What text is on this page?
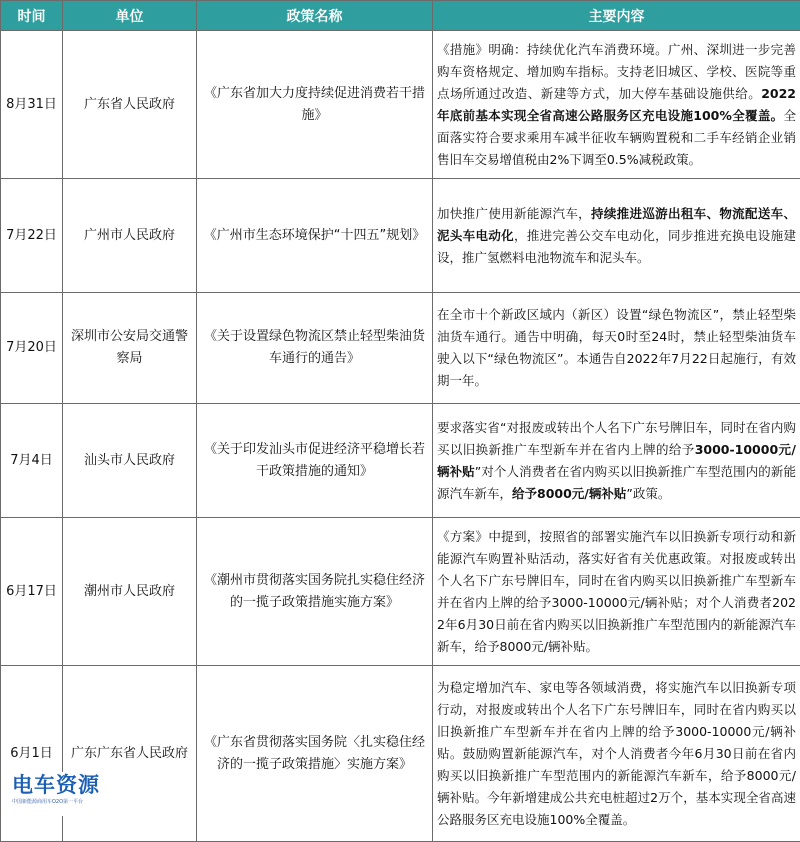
时间	单位	政策名称	主要内容
8月31日	广东省人民政府	《广东省加大力度持续促进消费若干措施》	《措施》明确：持续优化汽车消费环境。广州、深圳进一步完善购车资格规定、增加购车指标。支持老旧城区、学校、医院等重点场所通过改造、新建等方式，加大停车基础设施供给。2022年底前基本实现全省高速公路服务区充电设施100%全覆盖。全面落实符合要求乘用车减半征收车辆购置税和二手车经销企业销售旧车交易增值税由2%下调至0.5%减税政策。
7月22日	广州市人民政府	《广州市生态环境保护“十四五”规划》	加快推广使用新能源汽车，持续推进巡游出租车、物流配送车、泥头车电动化，推进完善公交车电动化，同步推进充换电设施建设，推广氢燃料电池物流车和泥头车。
7月20日	深圳市公安局交通警察局	《关于设置绿色物流区禁止轻型柴油货车通行的通告》	在全市十个新政区域内（新区）设置“绿色物流区”，禁止轻型柴油货车通行。通告中明确，每天0时至24时，禁止轻型柴油货车驶入以下“绿色物流区”。本通告自2022年7月22日起施行，有效期一年。
7月4日	汕头市人民政府	《关于印发汕头市促进经济平稳增长若干政策措施的通知》	要求落实省“对报废或转出个人名下广东号牌旧车，同时在省内购买以旧换新推广车型新车并在省内上牌的给予3000-10000元/辆补贴”对个人消费者在省内购买以旧换新推广车型范围内的新能源汽车新车，给予8000元/辆补贴”政策。
6月17日	潮州市人民政府	《潮州市贯彻落实国务院扎实稳住经济的一揽子政策措施实施方案》	《方案》中提到，按照省的部署实施汽车以旧换新专项行动和新能源汽车购置补贴活动，落实好省有关优惠政策。对报废或转出个人名下广东号牌旧车，同时在省内购买以旧换新推广车型新车并在省内上牌的给予3000-10000元/辆补贴；对个人消费者2022年6月30日前在省内购买以旧换新推广车型范围内的新能源汽车新车，给予8000元/辆补贴。
6月1日	广东广东省人民政府	《广东省贯彻落实国务院〈扎实稳住经济的一揽子政策措施〉实施方案》	为稳定增加汽车、家电等各领域消费，将实施汽车以旧换新专项行动，对报废或转出个人名下广东号牌旧车，同时在省内购买以旧换新推广车型新车并在省内上牌的给予3000-10000元/辆补贴。鼓励购置新能源汽车，对个人消费者今年6月30日前在省内购买以旧换新推广车型范围内的新能源汽车新车，给予8000元/辆补贴。今年新增建成公共充电桩超过2万个，基本实现全省高速公路服务区充电设施100%全覆盖。
电车资源
中国新能源商用车O2O第一平台
